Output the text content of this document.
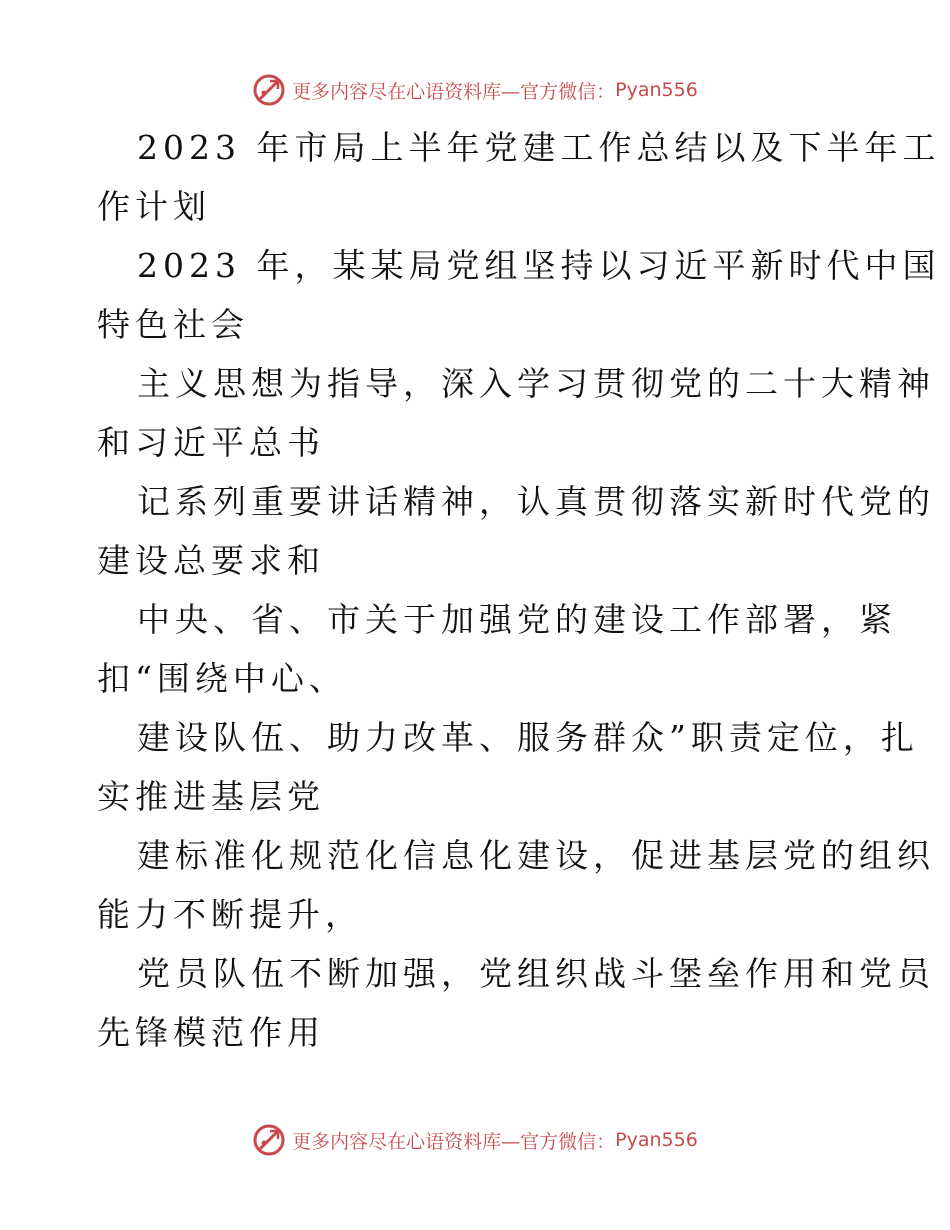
更多内容尽在心语资料库—官方微信： Pyan556

2023 年市局上半年党建工作总结以及下半年工
作计划

2023 年，某某局党组坚持以习近平新时代中国
特色社会

主义思想为指导，深入学习贯彻党的二十大精神
和习近平总书

记系列重要讲话精神，认真贯彻落实新时代党的
建设总要求和

中央、省、市关于加强党的建设工作部署，紧
扣“围绕中心、

建设队伍、助力改革、服务群众”职责定位，扎
实推进基层党

建标准化规范化信息化建设，促进基层党的组织
能力不断提升，

党员队伍不断加强，党组织战斗堡垒作用和党员
先锋模范作用

更多内容尽在心语资料库—官方微信： Pyan556
